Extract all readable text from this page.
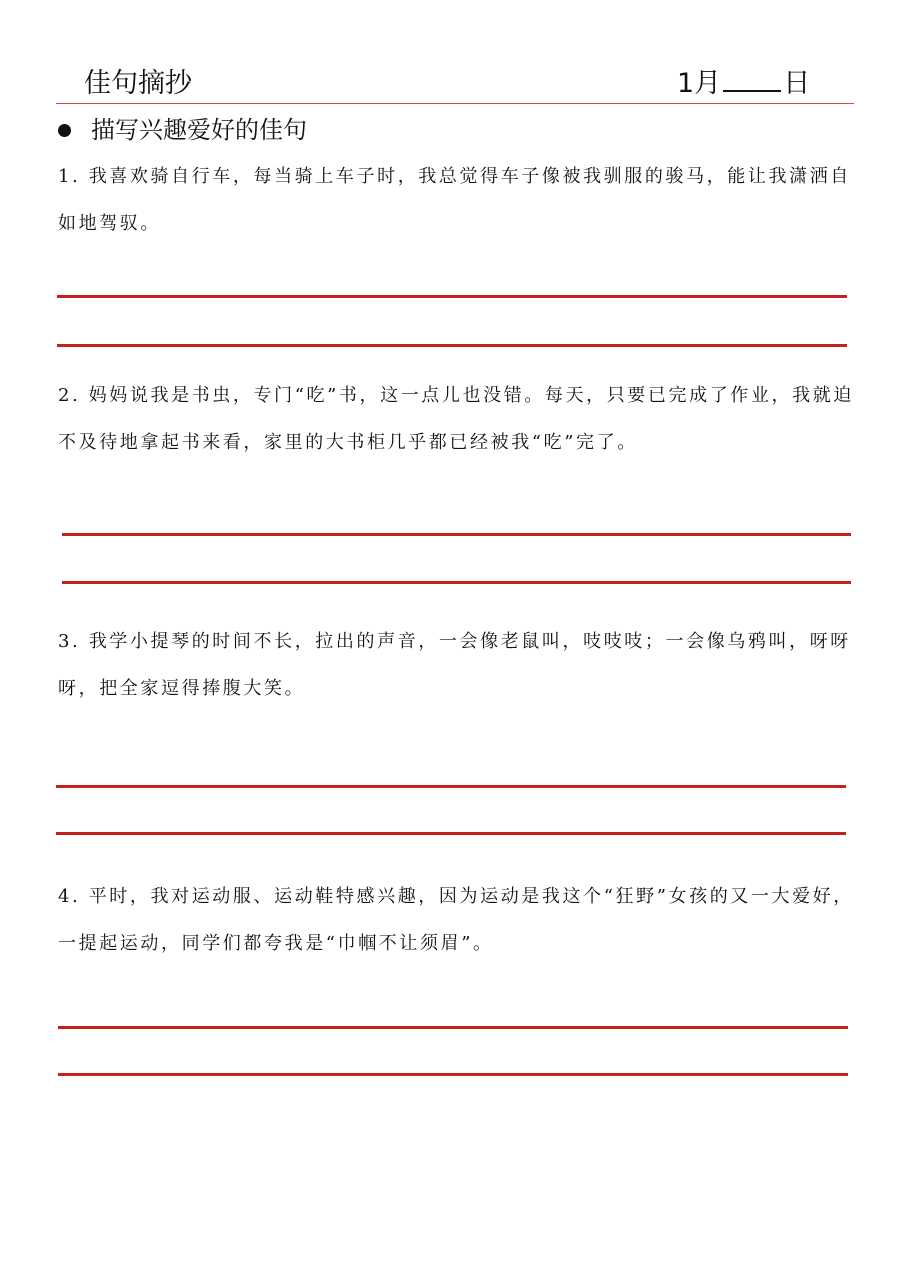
佳句摘抄	1月 日
描写兴趣爱好的佳句

1. 我喜欢骑自行车，每当骑上车子时，我总觉得车子像被我驯服的骏马，能让我潇洒自如地驾驭。

2. 妈妈说我是书虫，专门“吃”书，这一点儿也没错。每天，只要已完成了作业，我就迫不及待地拿起书来看，家里的大书柜几乎都已经被我“吃”完了。

3. 我学小提琴的时间不长，拉出的声音，一会像老鼠叫，吱吱吱；一会像乌鸦叫，呀呀呀，把全家逗得捧腹大笑。

4. 平时，我对运动服、运动鞋特感兴趣，因为运动是我这个“狂野”女孩的又一大爱好，一提起运动，同学们都夸我是“巾帼不让须眉”。
